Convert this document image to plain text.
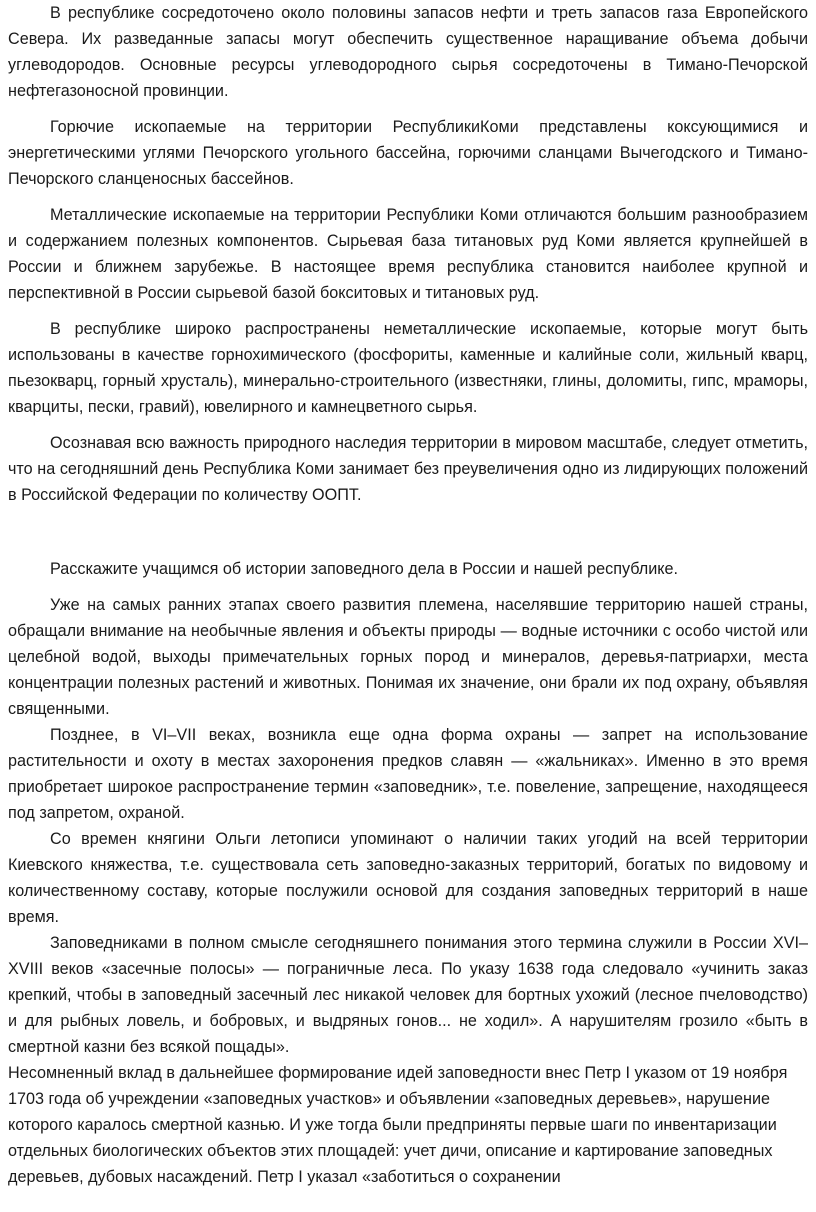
В республике сосредоточено около половины запасов нефти и треть запасов газа Европейского Севера. Их разведанные запасы могут обеспечить существенное наращивание объема добычи углеводородов. Основные ресурсы углеводородного сырья сосредоточены в Тимано-Печорской нефтегазоносной провинции.

Горючие ископаемые на территории РеспубликиКоми представлены коксующимися и энергетическими углями Печорского угольного бассейна, горючими сланцами Вычегодского и Тимано-Печорского сланценосных бассейнов.

Металлические ископаемые на территории Республики Коми отличаются большим разнообразием и содержанием полезных компонентов. Сырьевая база титановых руд Коми является крупнейшей в России и ближнем зарубежье. В настоящее время республика становится наиболее крупной и перспективной в России сырьевой базой бокситовых и титановых руд.

В республике широко распространены неметаллические ископаемые, которые могут быть использованы в качестве горнохимического (фосфориты, каменные и калийные соли, жильный кварц, пьезокварц, горный хрусталь), минерально-строительного (известняки, глины, доломиты, гипс, мраморы, кварциты, пески, гравий), ювелирного и камнецветного сырья.

Осознавая всю важность природного наследия территории в мировом масштабе, следует отметить, что на сегодняшний день Республика Коми занимает без преувеличения одно из лидирующих положений в Российской Федерации по количеству ООПТ.

Расскажите учащимся об истории заповедного дела в России и нашей республике.

Уже на самых ранних этапах своего развития племена, населявшие территорию нашей страны, обращали внимание на необычные явления и объекты природы — водные источники с особо чистой или целебной водой, выходы примечательных горных пород и минералов, деревья-патриархи, места концентрации полезных растений и животных. Понимая их значение, они брали их под охрану, объявляя священными.

Позднее, в VI–VII веках, возникла еще одна форма охраны — запрет на использование растительности и охоту в местах захоронения предков славян — «жальниках». Именно в это время приобретает широкое распространение термин «заповедник», т.е. повеление, запрещение, находящееся под запретом, охраной.

Со времен княгини Ольги летописи упоминают о наличии таких угодий на всей территории Киевского княжества, т.е. существовала сеть заповедно-заказных территорий, богатых по видовому и количественному составу, которые послужили основой для создания заповедных территорий в наше время.

Заповедниками в полном смысле сегодняшнего понимания этого термина служили в России XVI–XVIII веков «засечные полосы» — пограничные леса. По указу 1638 года следовало «учинить заказ крепкий, чтобы в заповедный засечный лес никакой человек для бортных ухожий (лесное пчеловодство) и для рыбных ловель, и бобровых, и выдряных гонов... не ходил». А нарушителям грозило «быть в смертной казни без всякой пощады».

Несомненный вклад в дальнейшее формирование идей заповедности внес Петр I указом от 19 ноября 1703 года об учреждении «заповедных участков» и объявлении «заповедных деревьев», нарушение которого каралось смертной казнью. И уже тогда были предприняты первые шаги по инвентаризации отдельных биологических объектов этих площадей: учет дичи, описание и картирование заповедных деревьев, дубовых насаждений. Петр I указал «заботиться о сохранении
